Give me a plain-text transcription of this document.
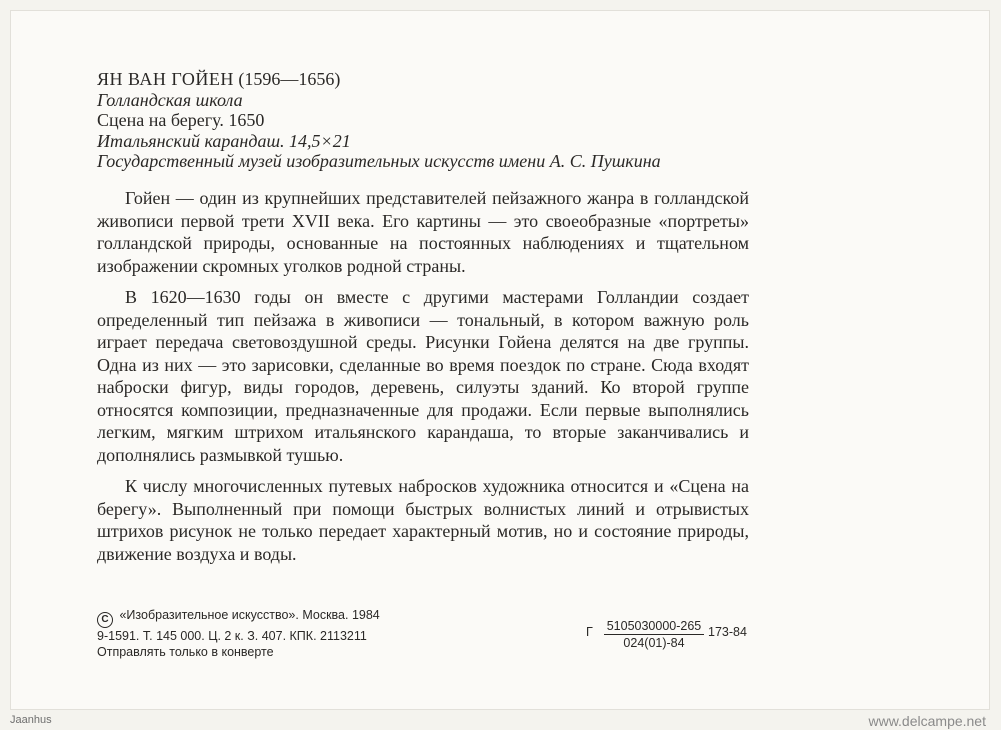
ЯН ВАН ГОЙЕН (1596—1656)
Голландская школа
Сцена на берегу. 1650
Итальянский карандаш. 14,5×21
Государственный музей изобразительных искусств имени А. С. Пушкина

Гойен — один из крупнейших представителей пейзажного жанра в голландской живописи первой трети XVII века. Его картины — это своеобразные «портреты» голландской природы, основанные на постоянных наблюдениях и тщательном изображении скромных уголков родной страны.

В 1620—1630 годы он вместе с другими мастерами Голландии создает определенный тип пейзажа в живописи — тональный, в котором важную роль играет передача световоздушной среды. Рисунки Гойена делятся на две группы. Одна из них — это зарисовки, сделанные во время поездок по стране. Сюда входят наброски фигур, виды городов, деревень, силуэты зданий. Ко второй группе относятся композиции, предназначенные для продажи. Если первые выполнялись легким, мягким штрихом итальянского карандаша, то вторые заканчивались и дополнялись размывкой тушью.

К числу многочисленных путевых набросков художника относится и «Сцена на берегу». Выполненный при помощи быстрых волнистых линий и отрывистых штрихов рисунок не только передает характерный мотив, но и состояние природы, движение воздуха и воды.

C «Изобразительное искусство». Москва. 1984
9-1591. Т. 145 000. Ц. 2 к. З. 407. КПК. 2113211
Отправлять только в конверте
Г 5105030000-265
024(01)-84
173-84
Jaanhus	www.delcampe.net
